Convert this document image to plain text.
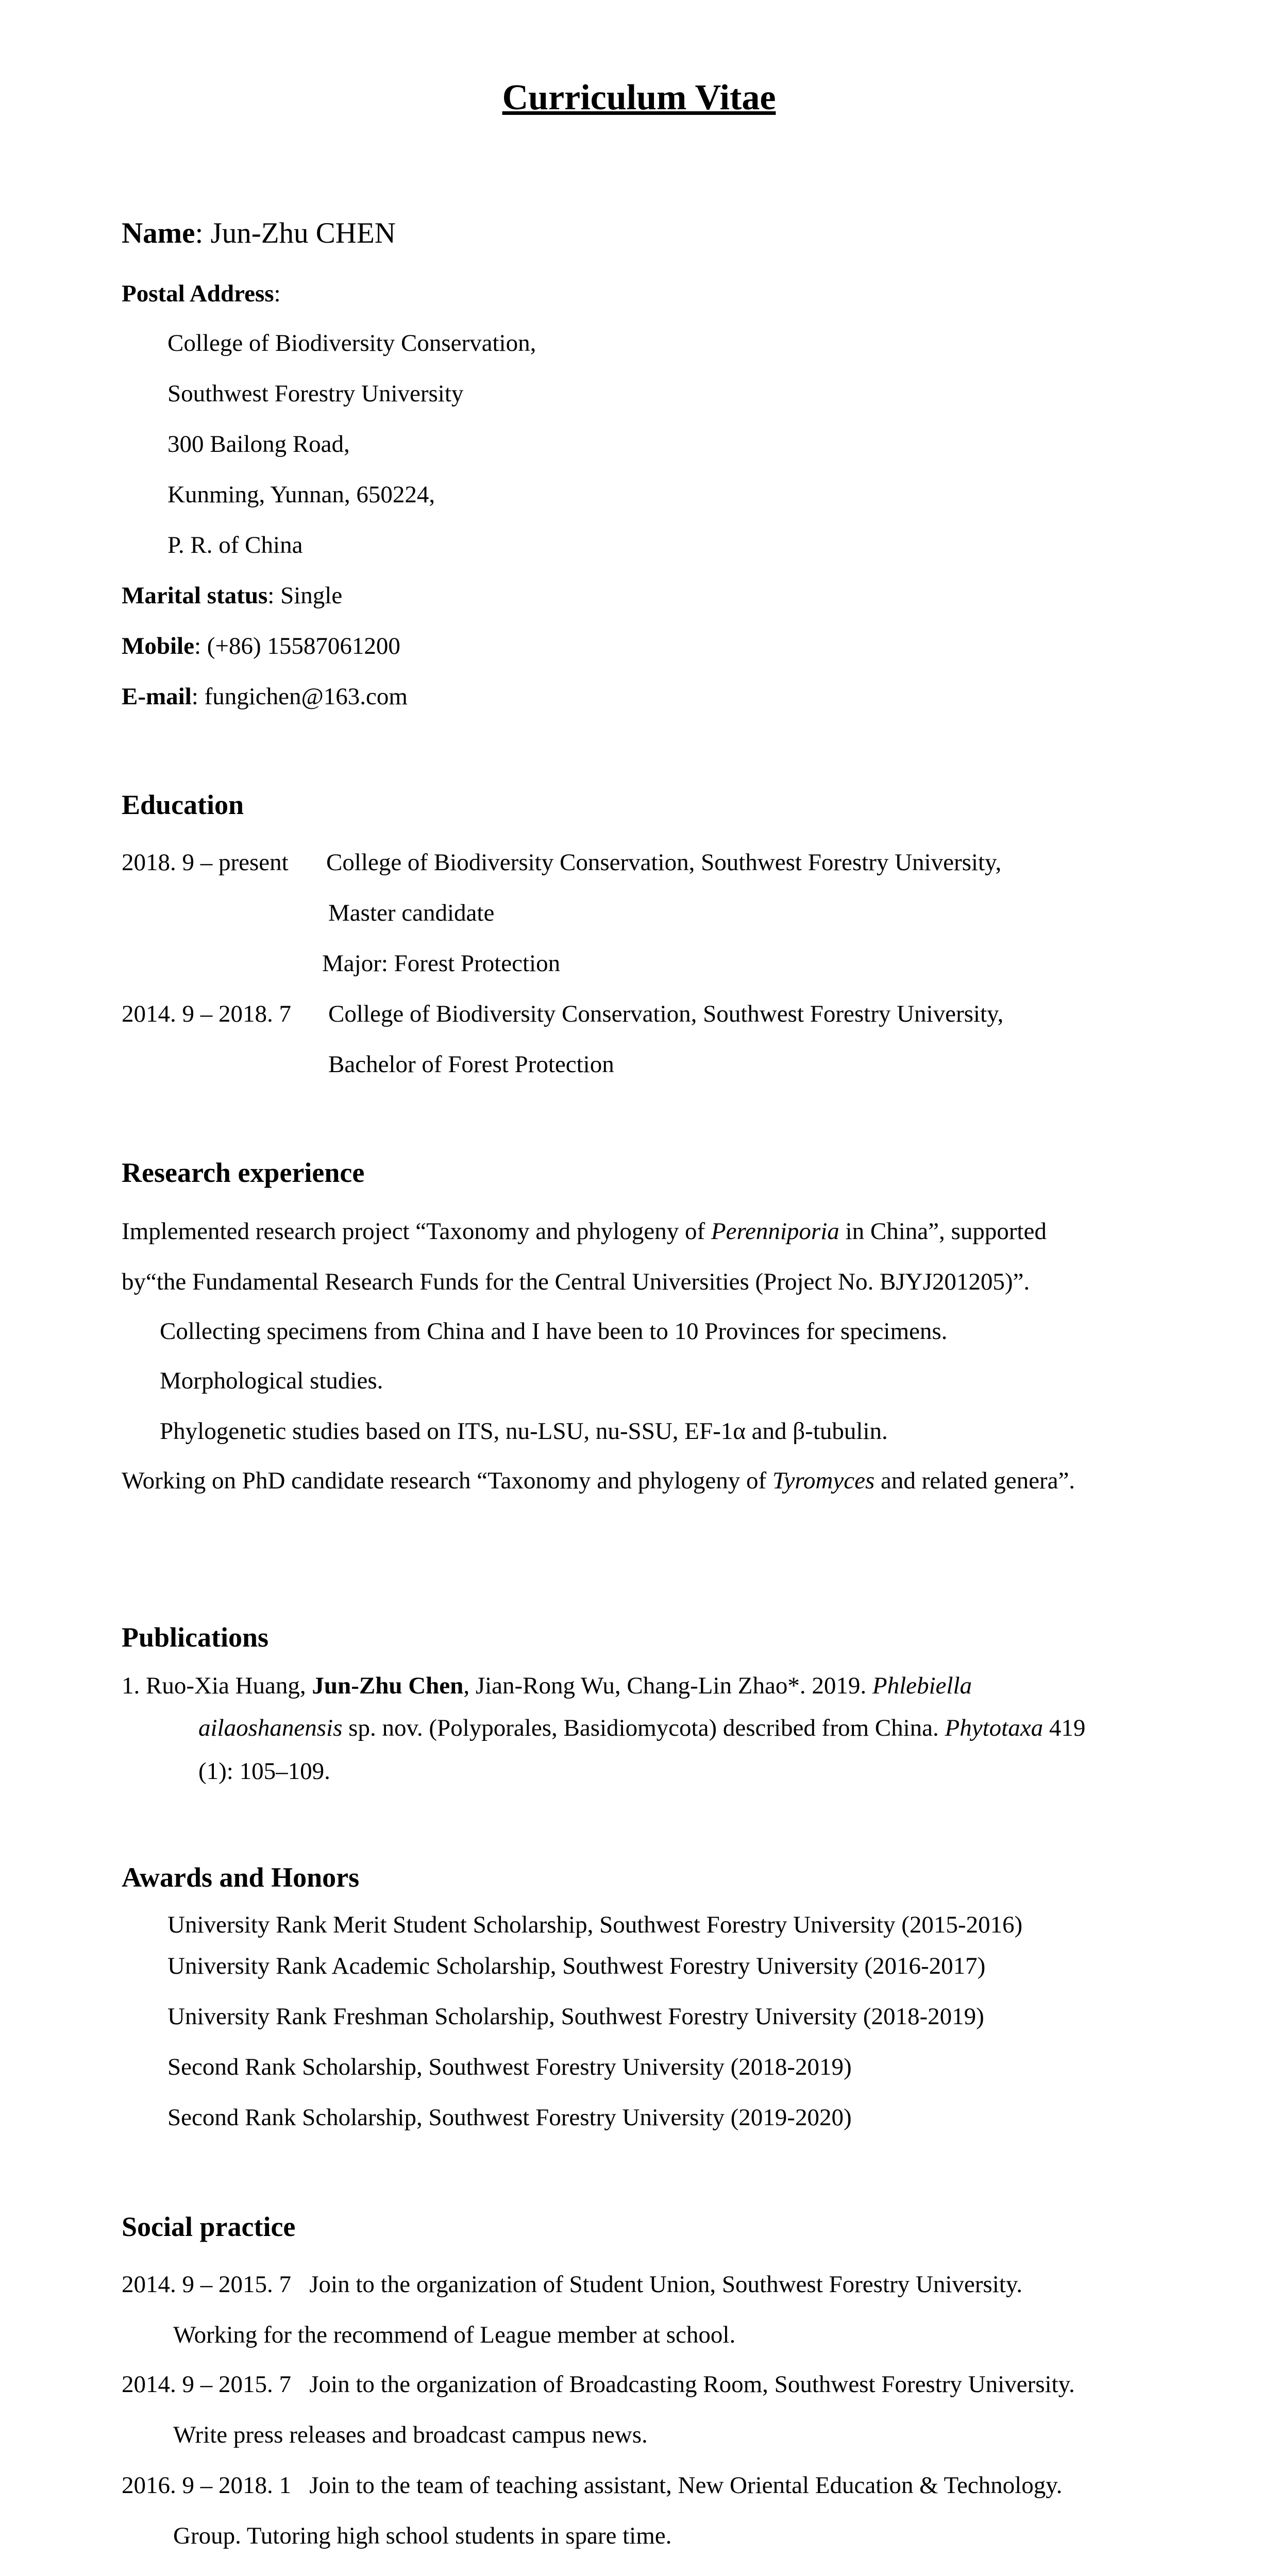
Curriculum Vitae
Name: Jun-Zhu CHEN
Postal Address:
College of Biodiversity Conservation,
Southwest Forestry University
300 Bailong Road,
Kunming, Yunnan, 650224,
P. R. of China
Marital status: Single
Mobile: (+86) 15587061200
E-mail: fungichen@163.com
Education
2018. 9 – present College of Biodiversity Conservation, Southwest Forestry University,
Master candidate
Major: Forest Protection
2014. 9 – 2018. 7 College of Biodiversity Conservation, Southwest Forestry University,
Bachelor of Forest Protection
Research experience
Implemented research project “Taxonomy and phylogeny of Perenniporia in China”, supported
by“the Fundamental Research Funds for the Central Universities (Project No. BJYJ201205)”.
Collecting specimens from China and I have been to 10 Provinces for specimens.
Morphological studies.
Phylogenetic studies based on ITS, nu-LSU, nu-SSU, EF-1α and β-tubulin.
Working on PhD candidate research “Taxonomy and phylogeny of Tyromyces and related genera”.
Publications
1. Ruo-Xia Huang, Jun-Zhu Chen, Jian-Rong Wu, Chang-Lin Zhao*. 2019. Phlebiella
ailaoshanensis sp. nov. (Polyporales, Basidiomycota) described from China. Phytotaxa 419
(1): 105–109.
Awards and Honors
University Rank Merit Student Scholarship, Southwest Forestry University (2015-2016)
University Rank Academic Scholarship, Southwest Forestry University (2016-2017)
University Rank Freshman Scholarship, Southwest Forestry University (2018-2019)
Second Rank Scholarship, Southwest Forestry University (2018-2019)
Second Rank Scholarship, Southwest Forestry University (2019-2020)
Social practice
2014. 9 – 2015. 7   Join to the organization of Student Union, Southwest Forestry University.
Working for the recommend of League member at school.
2014. 9 – 2015. 7   Join to the organization of Broadcasting Room, Southwest Forestry University.
Write press releases and broadcast campus news.
2016. 9 – 2018. 1   Join to the team of teaching assistant, New Oriental Education & Technology.
Group. Tutoring high school students in spare time.
